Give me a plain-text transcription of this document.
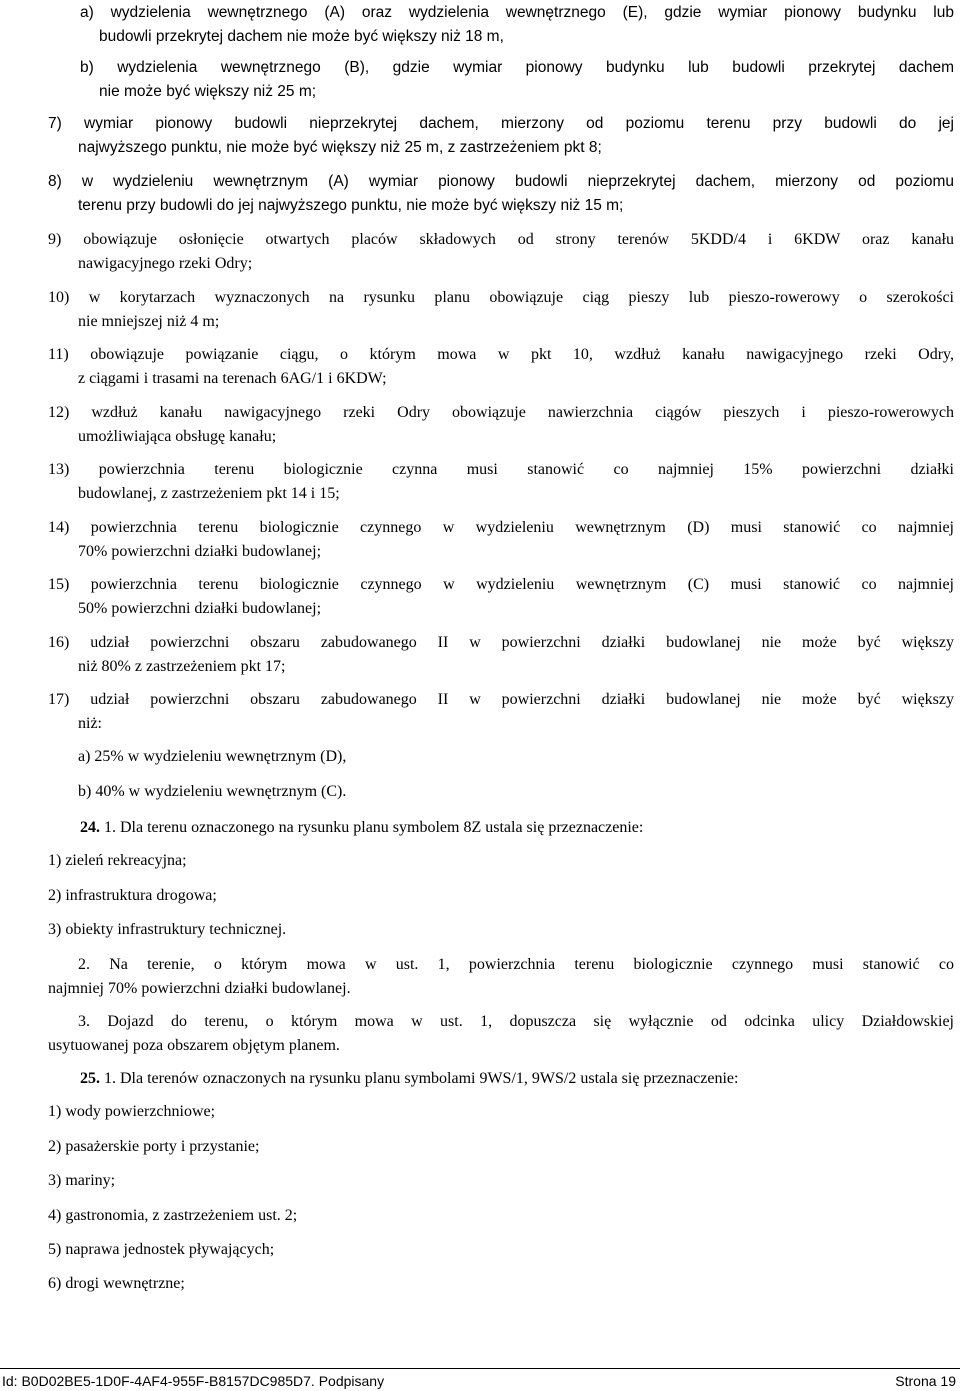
a) wydzielenia wewnętrznego (A) oraz wydzielenia wewnętrznego (E), gdzie wymiar pionowy budynku lub
budowli przekrytej dachem nie może być większy niż 18 m,
b) wydzielenia wewnętrznego (B), gdzie wymiar pionowy budynku lub budowli przekrytej dachem
nie może być większy niż 25 m;
7) wymiar pionowy budowli nieprzekrytej dachem, mierzony od poziomu terenu przy budowli do jej
najwyższego punktu, nie może być większy niż 25 m, z zastrzeżeniem pkt 8;
8) w wydzieleniu wewnętrznym (A) wymiar pionowy budowli nieprzekrytej dachem, mierzony od poziomu
terenu przy budowli do jej najwyższego punktu, nie może być większy niż 15 m;
9) obowiązuje osłonięcie otwartych placów składowych od strony terenów 5KDD/4 i 6KDW oraz kanału
nawigacyjnego rzeki Odry;
10) w korytarzach wyznaczonych na rysunku planu obowiązuje ciąg pieszy lub pieszo-rowerowy o szerokości
nie mniejszej niż 4 m;
11) obowiązuje powiązanie ciągu, o którym mowa w pkt 10, wzdłuż kanału nawigacyjnego rzeki Odry,
z ciągami i trasami na terenach 6AG/1 i 6KDW;
12) wzdłuż kanału nawigacyjnego rzeki Odry obowiązuje nawierzchnia ciągów pieszych i pieszo-rowerowych
umożliwiająca obsługę kanału;
13) powierzchnia terenu biologicznie czynna musi stanowić co najmniej 15% powierzchni działki
budowlanej, z zastrzeżeniem pkt 14 i 15;
14) powierzchnia terenu biologicznie czynnego w wydzieleniu wewnętrznym (D) musi stanowić co najmniej
70% powierzchni działki budowlanej;
15) powierzchnia terenu biologicznie czynnego w wydzieleniu wewnętrznym (C) musi stanowić co najmniej
50% powierzchni działki budowlanej;
16) udział powierzchni obszaru zabudowanego II w powierzchni działki budowlanej nie może być większy
niż 80% z zastrzeżeniem pkt 17;
17) udział powierzchni obszaru zabudowanego II w powierzchni działki budowlanej nie może być większy
niż:
a) 25% w wydzieleniu wewnętrznym (D),
b) 40% w wydzieleniu wewnętrznym (C).
24. 1. Dla terenu oznaczonego na rysunku planu symbolem 8Z ustala się przeznaczenie:
1) zieleń rekreacyjna;
2) infrastruktura drogowa;
3) obiekty infrastruktury technicznej.
2. Na terenie, o którym mowa w ust. 1, powierzchnia terenu biologicznie czynnego musi stanowić co
najmniej 70% powierzchni działki budowlanej.
3. Dojazd do terenu, o którym mowa w ust. 1, dopuszcza się wyłącznie od odcinka ulicy Działdowskiej
usytuowanej poza obszarem objętym planem.
25. 1. Dla terenów oznaczonych na rysunku planu symbolami 9WS/1, 9WS/2 ustala się przeznaczenie:
1) wody powierzchniowe;
2) pasażerskie porty i przystanie;
3) mariny;
4) gastronomia, z zastrzeżeniem ust. 2;
5) naprawa jednostek pływających;
6) drogi wewnętrzne;
Id: B0D02BE5-1D0F-4AF4-955F-B8157DC985D7. Podpisany	Strona 19
